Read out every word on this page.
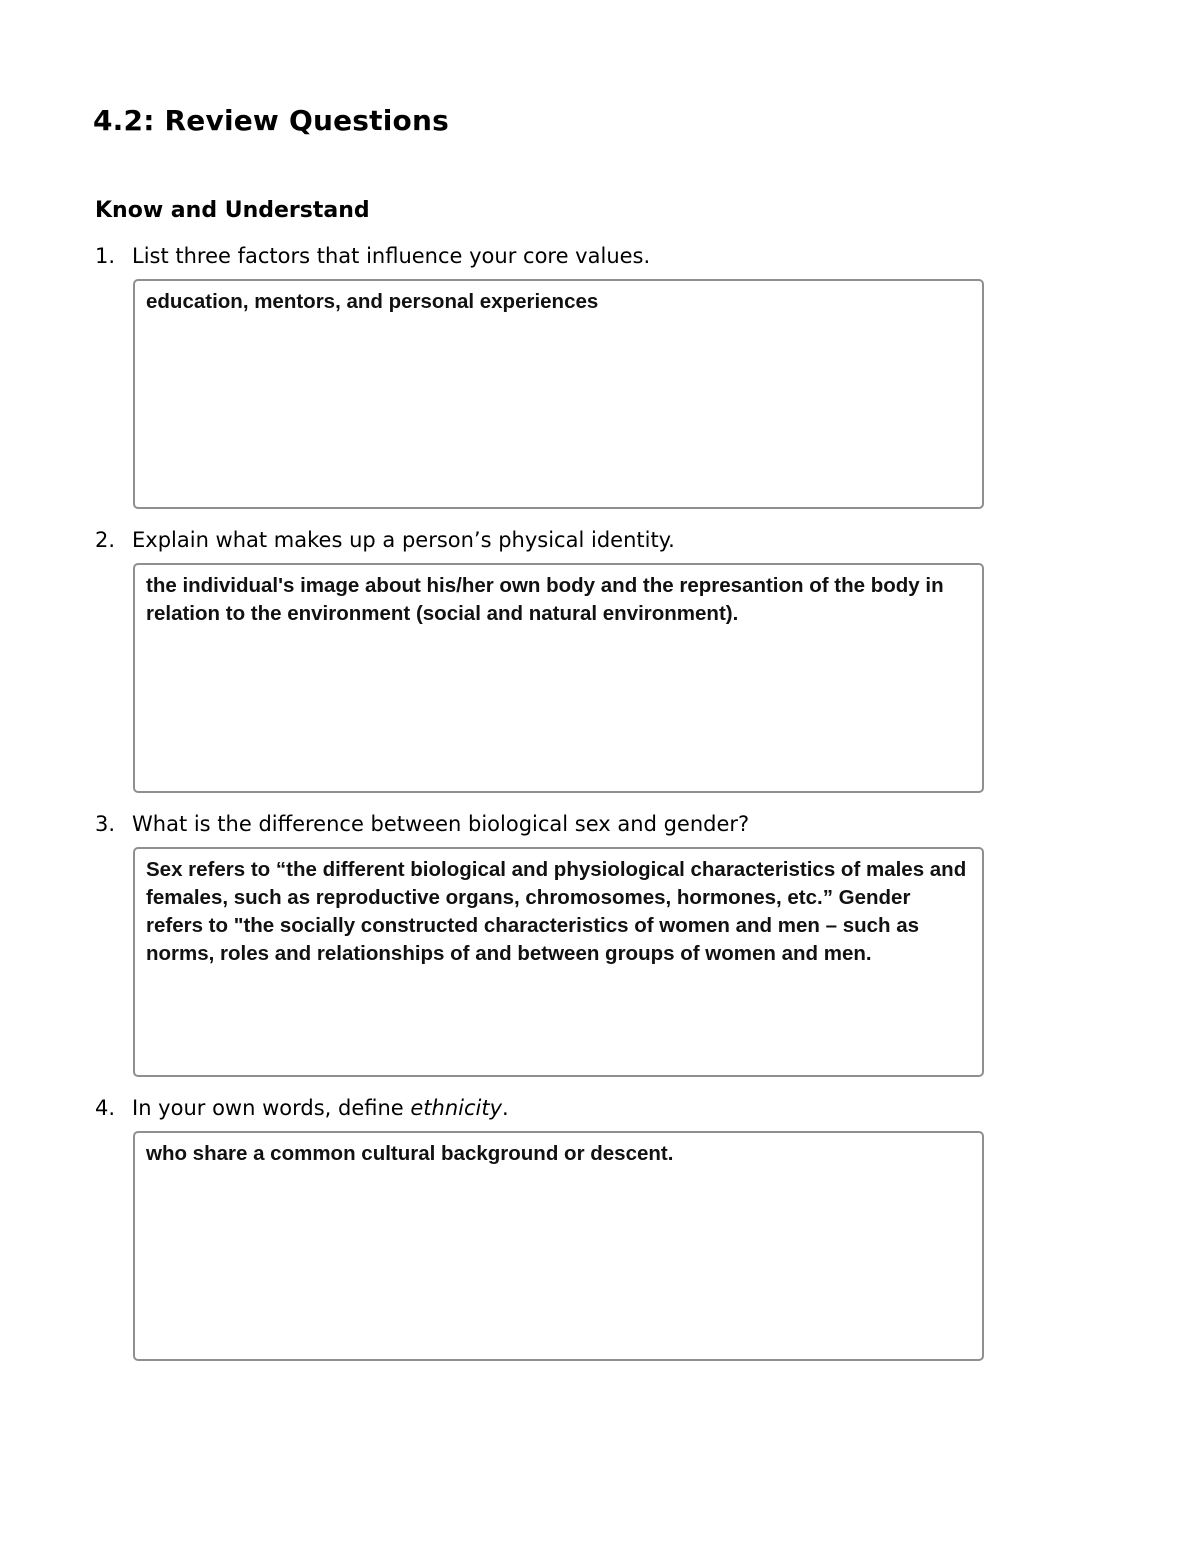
4.2: Review Questions
Know and Understand

1. List three factors that influence your core values.

education, mentors, and personal experiences

2. Explain what makes up a person’s physical identity.

the individual's image about his/her own body and the represantion of the body in relation to the environment (social and natural environment).

3. What is the difference between biological sex and gender?

Sex refers to “the different biological and physiological characteristics of males and females, such as reproductive organs, chromosomes, hormones, etc.” Gender refers to "the socially constructed characteristics of women and men – such as norms, roles and relationships of and between groups of women and men.

4. In your own words, define ethnicity.

who share a common cultural background or descent.
